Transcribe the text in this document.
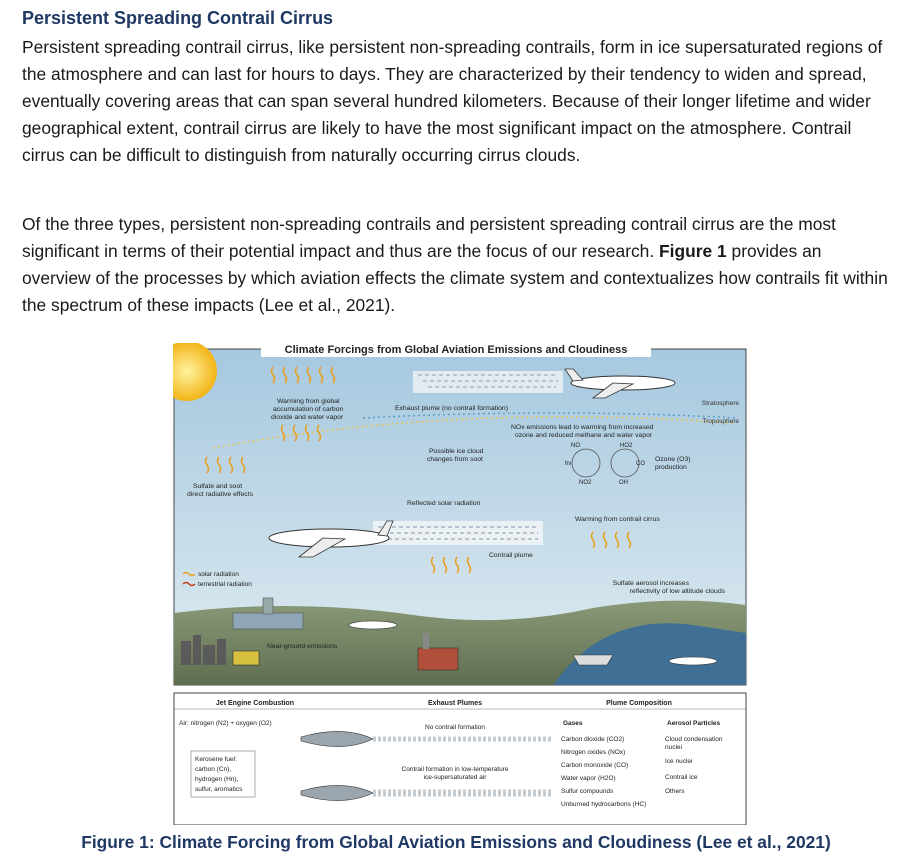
Persistent Spreading Contrail Cirrus

Persistent spreading contrail cirrus, like persistent non-spreading contrails, form in ice supersaturated regions of the atmosphere and can last for hours to days. They are characterized by their tendency to widen and spread, eventually covering areas that can span several hundred kilometers. Because of their longer lifetime and wider geographical extent, contrail cirrus are likely to have the most significant impact on the atmosphere. Contrail cirrus can be difficult to distinguish from naturally occurring cirrus clouds.

Of the three types, persistent non-spreading contrails and persistent spreading contrail cirrus are the most significant in terms of their potential impact and thus are the focus of our research. Figure 1 provides an overview of the processes by which aviation effects the climate system and contextualizes how contrails fit within the spectrum of these impacts (Lee et al., 2021).

Climate Forcings from Global Aviation Emissions and Cloudiness
Stratosphere
Troposphere
Warming from global
accumulation of carbon
dioxide and water vapor
Exhaust plume (no contrail formation)
NOx emissions lead to warming from increased
ozone and reduced methane and water vapor
NO	HO2
hν	CO
NO2	OH
Ozone (O3)
production
Possible ice cloud
changes from soot
Sulfate and soot
direct radiative effects
Reflected solar radiation
Warming from contrail cirrus
Contrail plume
solar radiation
terrestrial radiation	Sulfate aerosol increases
reflectivity of low altitude clouds
Near-ground emissions
Jet Engine Combustion	Exhaust Plumes	Plume Composition
Air: nitrogen (N2) + oxygen (O2)
Kerosene fuel:
carbon (Cn),
hydrogen (Hn),
sulfur, aromatics
No contrail formation
Contrail formation in low-temperature
ice-supersaturated air
Gases
Carbon dioxide (CO2)
Nitrogen oxides (NOx)
Carbon monoxide (CO)
Water vapor (H2O)
Sulfur compounds
Unburned hydrocarbons (HC)
Aerosol Particles
Cloud condensation
nuclei
Ice nuclei
Contrail ice
Others
Figure 1: Climate Forcing from Global Aviation Emissions and Cloudiness (Lee et al., 2021)
